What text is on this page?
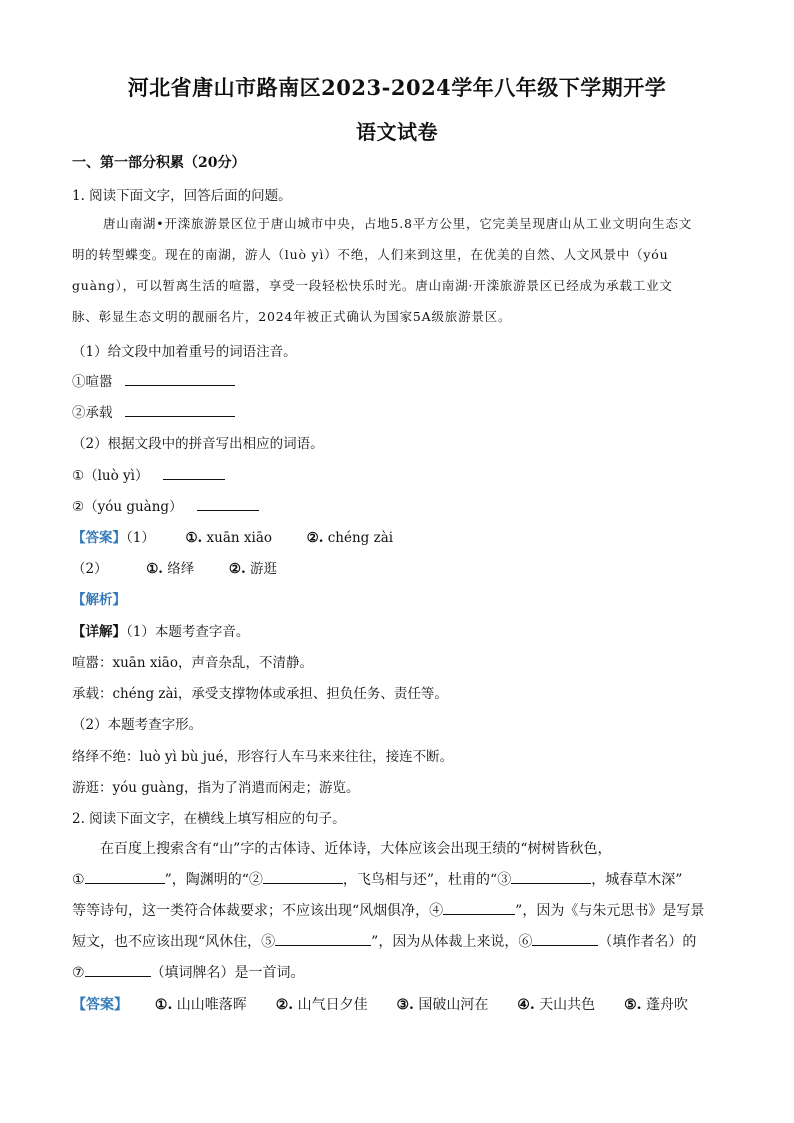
河北省唐山市路南区2023-2024学年八年级下学期开学
语文试卷
一、第一部分积累（20分）
1. 阅读下面文字，回答后面的问题。
唐山南湖•开滦旅游景区位于唐山城市中央，占地5.8平方公里，它完美呈现唐山从工业文明向生态文
明的转型蝶变。现在的南湖，游人（luò yì）不绝，人们来到这里，在优美的自然、人文风景中（yóu
guàng），可以暂离生活的喧嚣，享受一段轻松快乐时光。唐山南湖·开滦旅游景区已经成为承载工业文
脉、彰显生态文明的靓丽名片，2024年被正式确认为国家5A级旅游景区。
（1）给文段中加着重号的词语注音。
①喧嚣
②承载
（2）根据文段中的拼音写出相应的词语。
①（luò yì）
②（yóu guàng）
【答案】（1） ①. xuān xiāo	②. chéng zài
（2）	①. 络绎	②. 游逛
【解析】
【详解】（1）本题考查字音。
喧嚣：xuān xiāo，声音杂乱，不清静。
承载：chéng zài，承受支撑物体或承担、担负任务、责任等。
（2）本题考查字形。
络绎不绝：luò yì bù jué，形容行人车马来来往往，接连不断。
游逛：yóu guàng，指为了消遣而闲走；游览。
2. 阅读下面文字，在横线上填写相应的句子。
在百度上搜索含有“山”字的古体诗、近体诗，大体应该会出现王绩的“树树皆秋色，
①	”，陶渊明的“②	，飞鸟相与还”，杜甫的“③	，城春草木深”
等等诗句，这一类符合体裁要求；不应该出现“风烟俱净，④	”，因为《与朱元思书》是写景
短文，也不应该出现“风休住，⑤	”，因为从体裁上来说，⑥	（填作者名）的
⑦	（填词牌名）是一首词。
【答案】 ①. 山山唯落晖 ②. 山气日夕佳 ③. 国破山河在 ④. 天山共色 ⑤. 蓬舟吹
